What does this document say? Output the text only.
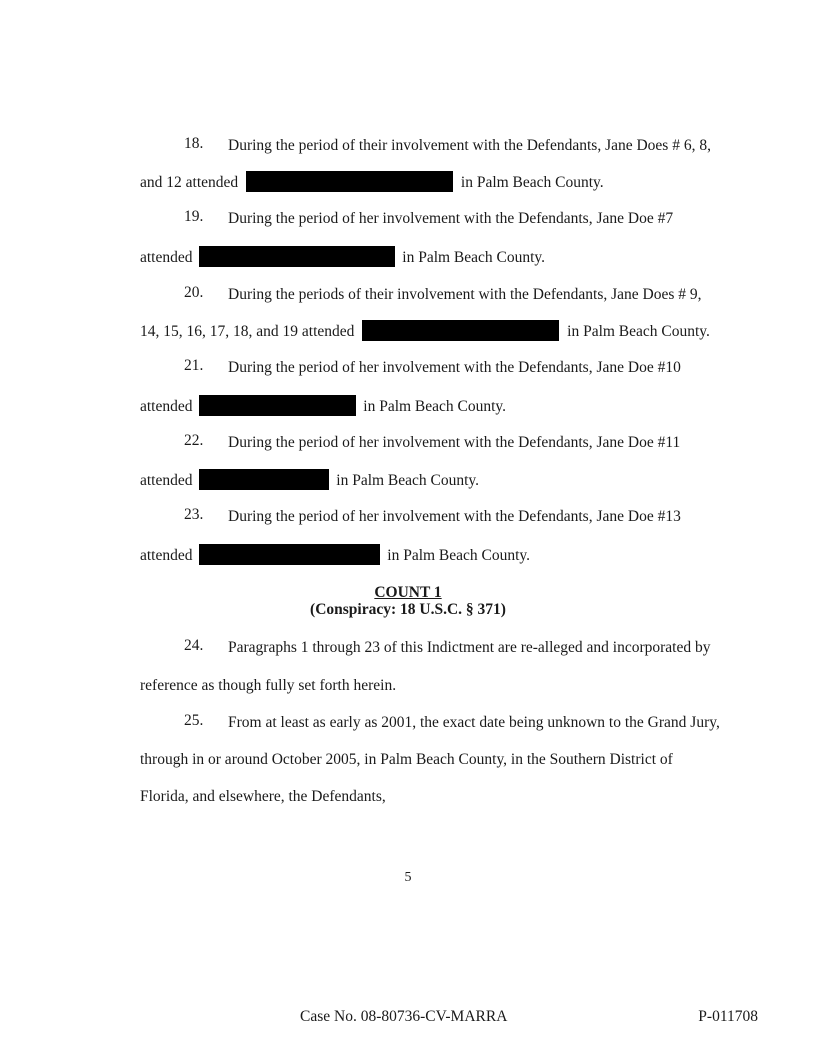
18. During the period of their involvement with the Defendants, Jane Does # 6, 8,
and 12 attended	in Palm Beach County.
19. During the period of her involvement with the Defendants, Jane Doe #7
attended	in Palm Beach County.
20. During the periods of their involvement with the Defendants, Jane Does # 9,
14, 15, 16, 17, 18, and 19 attended	in Palm Beach County.
21. During the period of her involvement with the Defendants, Jane Doe #10
attended	in Palm Beach County.
22. During the period of her involvement with the Defendants, Jane Doe #11
attended	in Palm Beach County.
23. During the period of her involvement with the Defendants, Jane Doe #13
attended	in Palm Beach County.
COUNT 1
(Conspiracy: 18 U.S.C. § 371)
24. Paragraphs 1 through 23 of this Indictment are re-alleged and incorporated by
reference as though fully set forth herein.
25. From at least as early as 2001, the exact date being unknown to the Grand Jury,
through in or around October 2005, in Palm Beach County, in the Southern District of
Florida, and elsewhere, the Defendants,
5
Case No. 08-80736-CV-MARRA	P-011708
